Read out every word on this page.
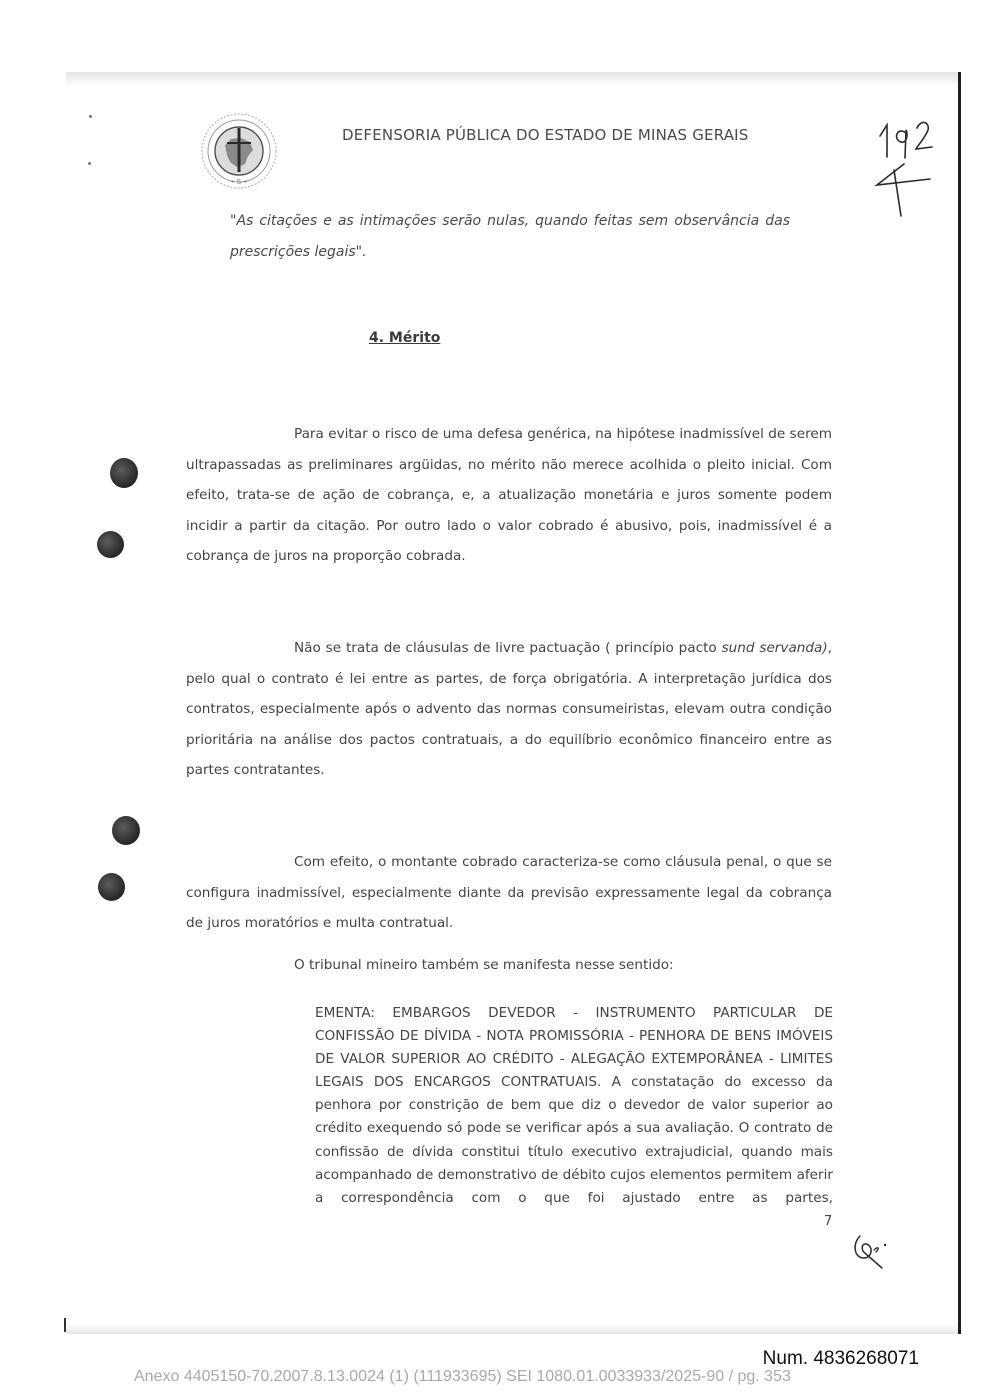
• S •
DEFENSORIA PÚBLICA DO ESTADO DE MINAS GERAIS
"As citações e as intimações serão nulas, quando feitas sem observância das prescrições legais".
4. Mérito

Para evitar o risco de uma defesa genérica, na hipótese inadmissível de serem ultrapassadas as preliminares argüidas, no mérito não merece acolhida o pleito inicial. Com efeito, trata-se de ação de cobrança, e, a atualização monetária e juros somente podem incidir a partir da citação. Por outro lado o valor cobrado é abusivo, pois, inadmissível é a cobrança de juros na proporção cobrada.

Não se trata de cláusulas de livre pactuação ( princípio pacto sund servanda), pelo qual o contrato é lei entre as partes, de força obrigatória. A interpretação jurídica dos contratos, especialmente após o advento das normas consumeiristas, elevam outra condição prioritária na análise dos pactos contratuais, a do equilíbrio econômico financeiro entre as partes contratantes.

Com efeito, o montante cobrado caracteriza-se como cláusula penal, o que se configura inadmissível, especialmente diante da previsão expressamente legal da cobrança de juros moratórios e multa contratual.

O tribunal mineiro também se manifesta nesse sentido:

EMENTA: EMBARGOS DEVEDOR - INSTRUMENTO PARTICULAR DE CONFISSÃO DE DÍVIDA - NOTA PROMISSÓRIA - PENHORA DE BENS IMÓVEIS DE VALOR SUPERIOR AO CRÉDITO - ALEGAÇÃO EXTEMPORÂNEA - LIMITES LEGAIS DOS ENCARGOS CONTRATUAIS. A constatação do excesso da penhora por constrição de bem que diz o devedor de valor superior ao crédito exequendo só pode se verificar após a sua avaliação. O contrato de confissão de dívida constitui título executivo extrajudicial, quando mais acompanhado de demonstrativo de débito cujos elementos permitem aferir a correspondência com o que foi ajustado entre as partes,
7
Num. 4836268071
Anexo 4405150-70.2007.8.13.0024 (1) (111933695) SEI 1080.01.0033933/2025-90 / pg. 353
